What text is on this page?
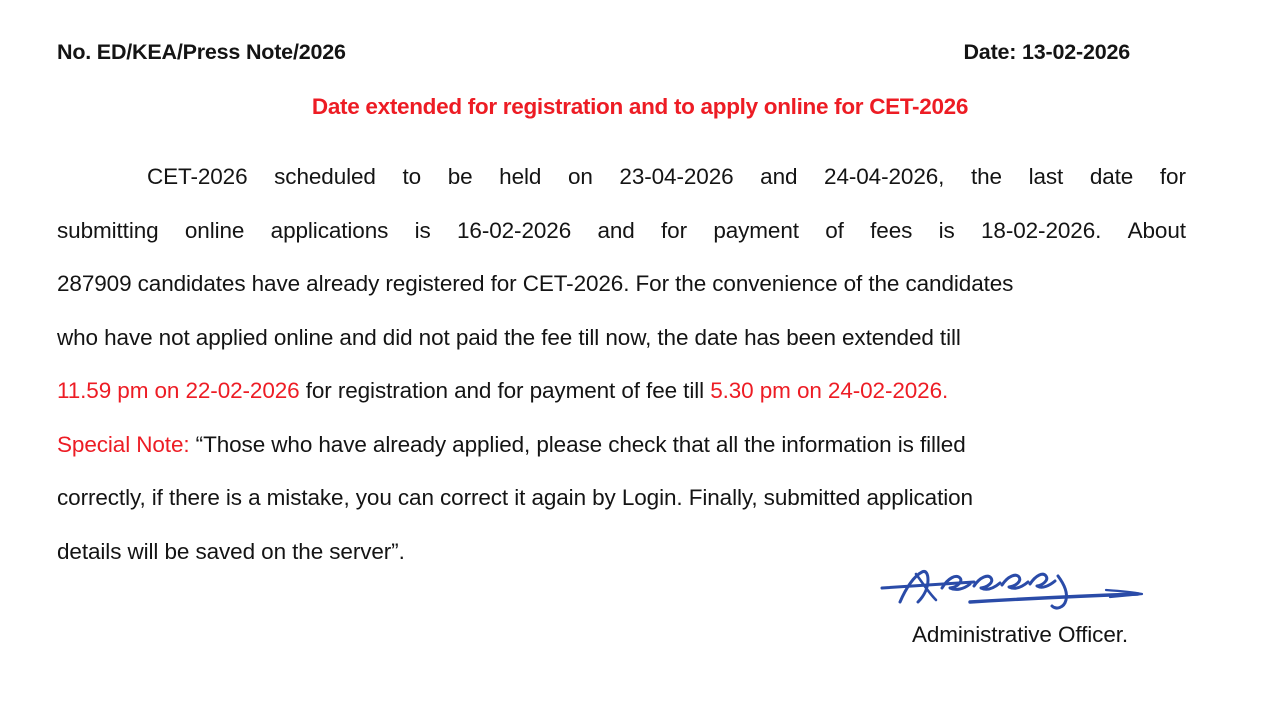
No. ED/KEA/Press Note/2026	Date: 13-02-2026
Date extended for registration and to apply online for CET-2026
CET-2026 scheduled to be held on 23-04-2026 and 24-04-2026, the last date for
submitting online applications is 16-02-2026 and for payment of fees is 18-02-2026. About
287909 candidates have already registered for CET-2026. For the convenience of the candidates
who have not applied online and did not paid the fee till now, the date has been extended till
11.59 pm on 22-02-2026 for registration and for payment of fee till 5.30 pm on 24-02-2026.
Special Note: “Those who have already applied, please check that all the information is filled
correctly, if there is a mistake, you can correct it again by Login. Finally, submitted application
details will be saved on the server”.
Administrative Officer.
